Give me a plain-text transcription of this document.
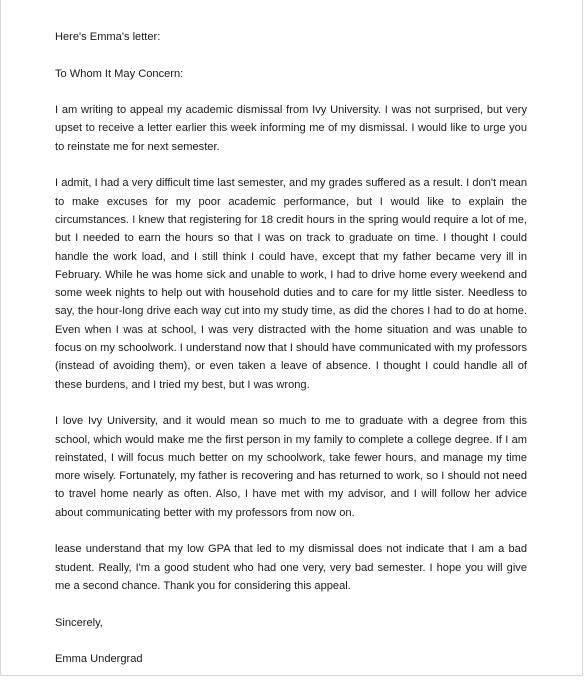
Here's Emma's letter:

To Whom It May Concern:

I am writing to appeal my academic dismissal from Ivy University. I was not surprised, but very upset to receive a letter earlier this week informing me of my dismissal. I would like to urge you to reinstate me for next semester.

I admit, I had a very difficult time last semester, and my grades suffered as a result. I don't mean to make excuses for my poor academic performance, but I would like to explain the circumstances. I knew that registering for 18 credit hours in the spring would require a lot of me, but I needed to earn the hours so that I was on track to graduate on time. I thought I could handle the work load, and I still think I could have, except that my father became very ill in February. While he was home sick and unable to work, I had to drive home every weekend and some week nights to help out with household duties and to care for my little sister. Needless to say, the hour-long drive each way cut into my study time, as did the chores I had to do at home. Even when I was at school, I was very distracted with the home situation and was unable to focus on my schoolwork. I understand now that I should have communicated with my professors (instead of avoiding them), or even taken a leave of absence. I thought I could handle all of these burdens, and I tried my best, but I was wrong.

I love Ivy University, and it would mean so much to me to graduate with a degree from this school, which would make me the first person in my family to complete a college degree. If I am reinstated, I will focus much better on my schoolwork, take fewer hours, and manage my time more wisely. Fortunately, my father is recovering and has returned to work, so I should not need to travel home nearly as often. Also, I have met with my advisor, and I will follow her advice about communicating better with my professors from now on.

lease understand that my low GPA that led to my dismissal does not indicate that I am a bad student. Really, I'm a good student who had one very, very bad semester. I hope you will give me a second chance. Thank you for considering this appeal.

Sincerely,

Emma Undergrad
